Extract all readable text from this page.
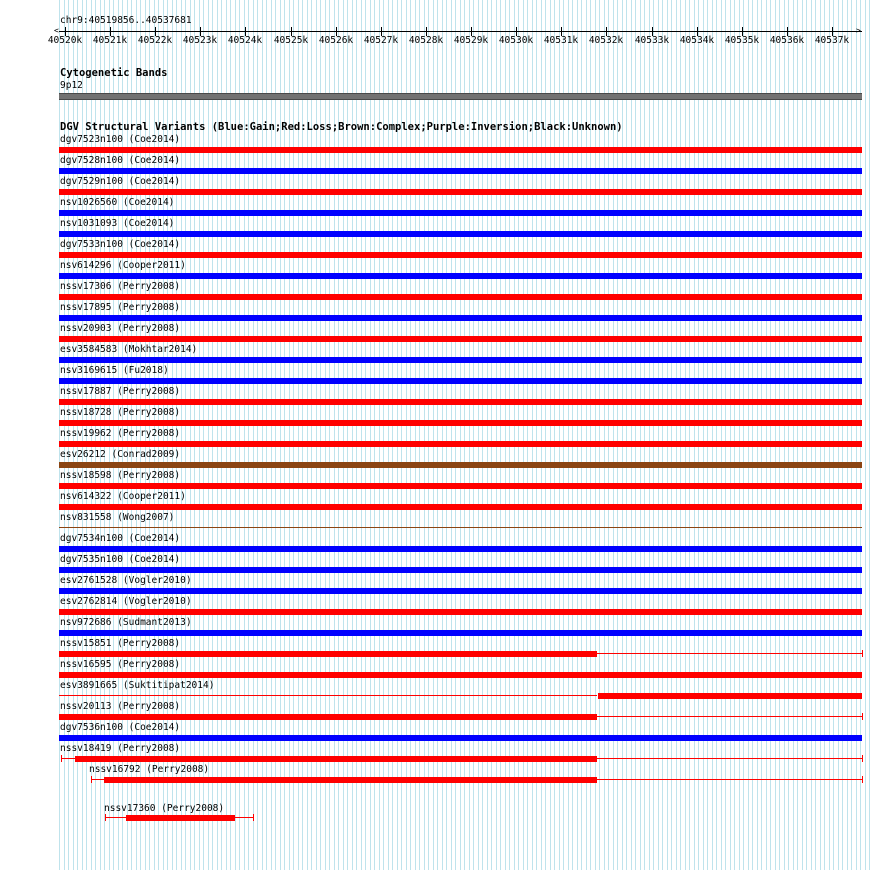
chr9:40519856..40537681
<	>
40520k 40521k 40522k 40523k 40524k 40525k 40526k 40527k 40528k 40529k 40530k 40531k 40532k 40533k 40534k 40535k 40536k 40537k
Cytogenetic Bands
9p12
DGV Structural Variants (Blue:Gain;Red:Loss;Brown:Complex;Purple:Inversion;Black:Unknown)
dgv7523n100 (Coe2014)
dgv7528n100 (Coe2014)
dgv7529n100 (Coe2014)
nsv1026560 (Coe2014)
nsv1031093 (Coe2014)
dgv7533n100 (Coe2014)
nsv614296 (Cooper2011)
nssv17306 (Perry2008)
nssv17895 (Perry2008)
nssv20903 (Perry2008)
esv3584583 (Mokhtar2014)
nsv3169615 (Fu2018)
nssv17887 (Perry2008)
nssv18728 (Perry2008)
nssv19962 (Perry2008)
esv26212 (Conrad2009)
nssv18598 (Perry2008)
nsv614322 (Cooper2011)
nsv831558 (Wong2007)
dgv7534n100 (Coe2014)
dgv7535n100 (Coe2014)
esv2761528 (Vogler2010)
esv2762814 (Vogler2010)
nsv972686 (Sudmant2013)
nssv15851 (Perry2008)
nssv16595 (Perry2008)
esv3891665 (Suktitipat2014)
nssv20113 (Perry2008)
dgv7536n100 (Coe2014)
nssv18419 (Perry2008)
nssv16792 (Perry2008)
nssv17360 (Perry2008)
